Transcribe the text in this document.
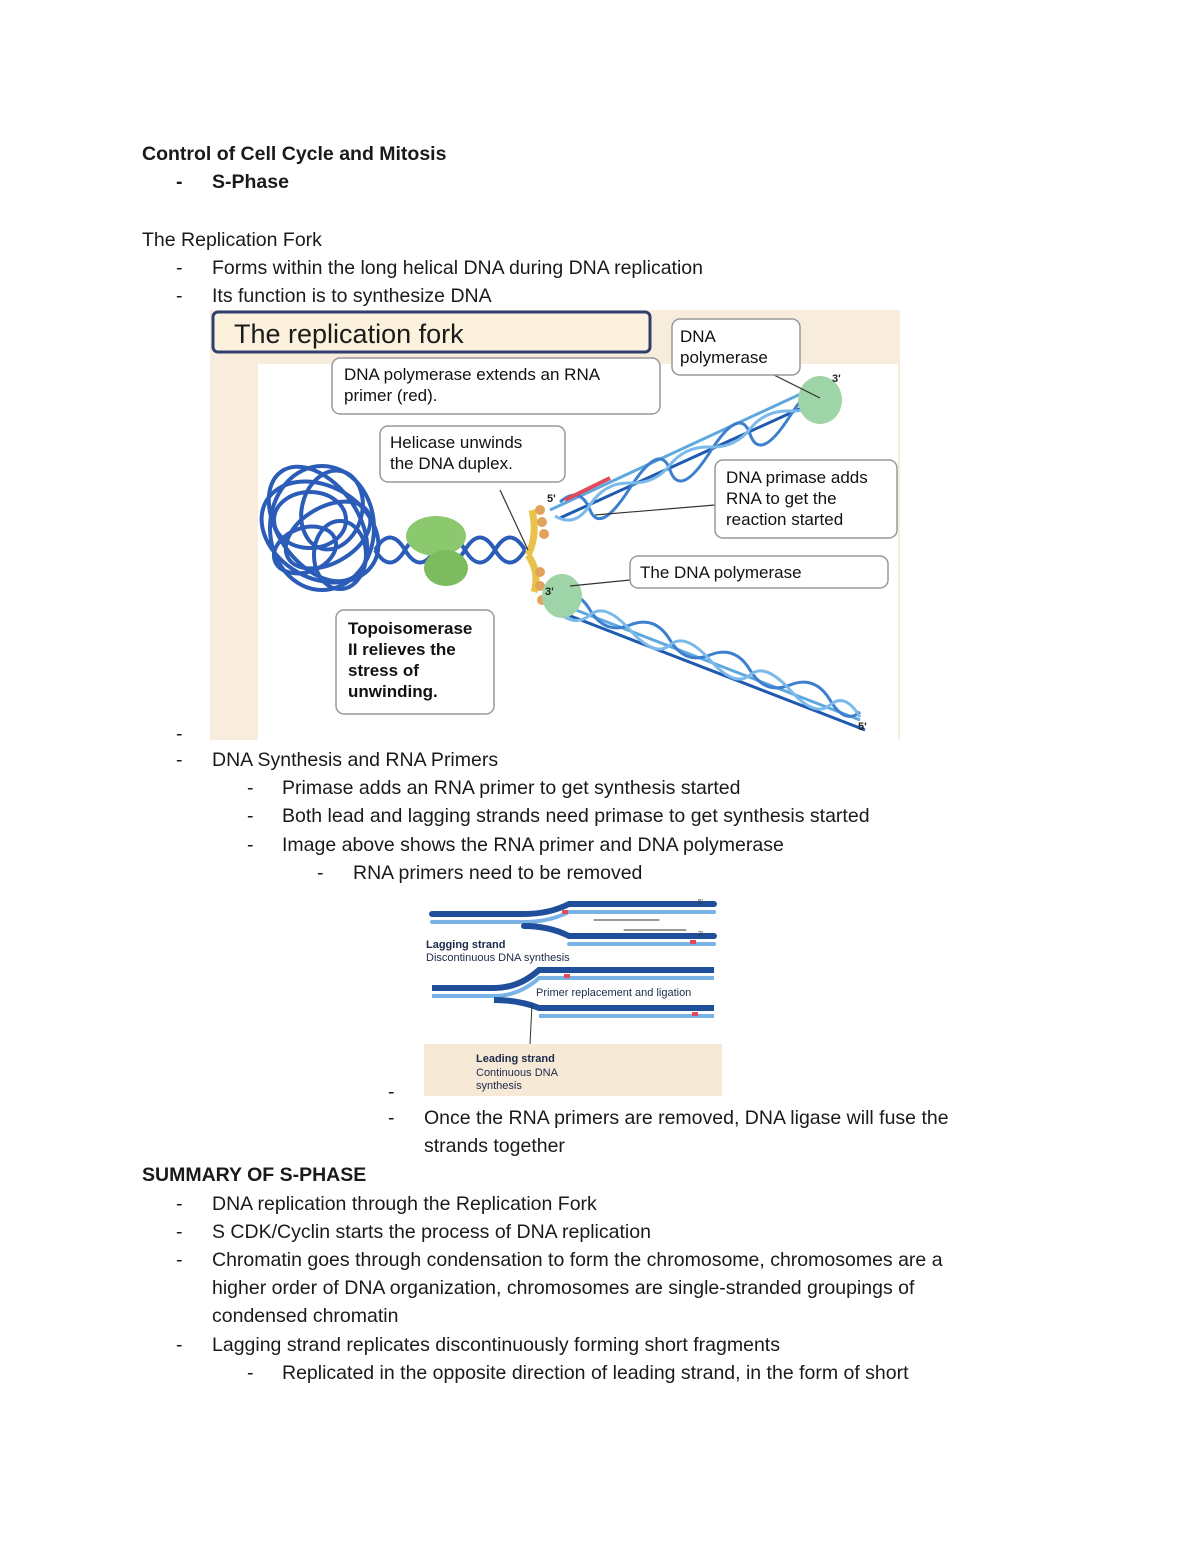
Control of Cell Cycle and Mitosis
- S-Phase
The Replication Fork
- Forms within the long helical DNA during DNA replication
- Its function is to synthesize DNA
The replication fork
3'
5'
3'
5'
DNA polymerase
DNA polymerase extends an RNA primer (red).
Helicase unwinds the DNA duplex.
DNA primase adds RNA to get the reaction started
The DNA polymerase
Topoisomerase II relieves the stress of unwinding.
-
- DNA Synthesis and RNA Primers
- Primase adds an RNA primer to get synthesis started
- Both lead and lagging strands need primase to get synthesis started
- Image above shows the RNA primer and DNA polymerase
- RNA primers need to be removed
Lagging strand
Discontinuous DNA synthesis
Primer replacement and ligation
5'
3'
Leading strand
Continuous DNA synthesis
-
- Once the RNA primers are removed, DNA ligase will fuse the
strands together
SUMMARY OF S-PHASE
- DNA replication through the Replication Fork
- S CDK/Cyclin starts the process of DNA replication
- Chromatin goes through condensation to form the chromosome, chromosomes are a
higher order of DNA organization, chromosomes are single-stranded groupings of
condensed chromatin
- Lagging strand replicates discontinuously forming short fragments
- Replicated in the opposite direction of leading strand, in the form of short
